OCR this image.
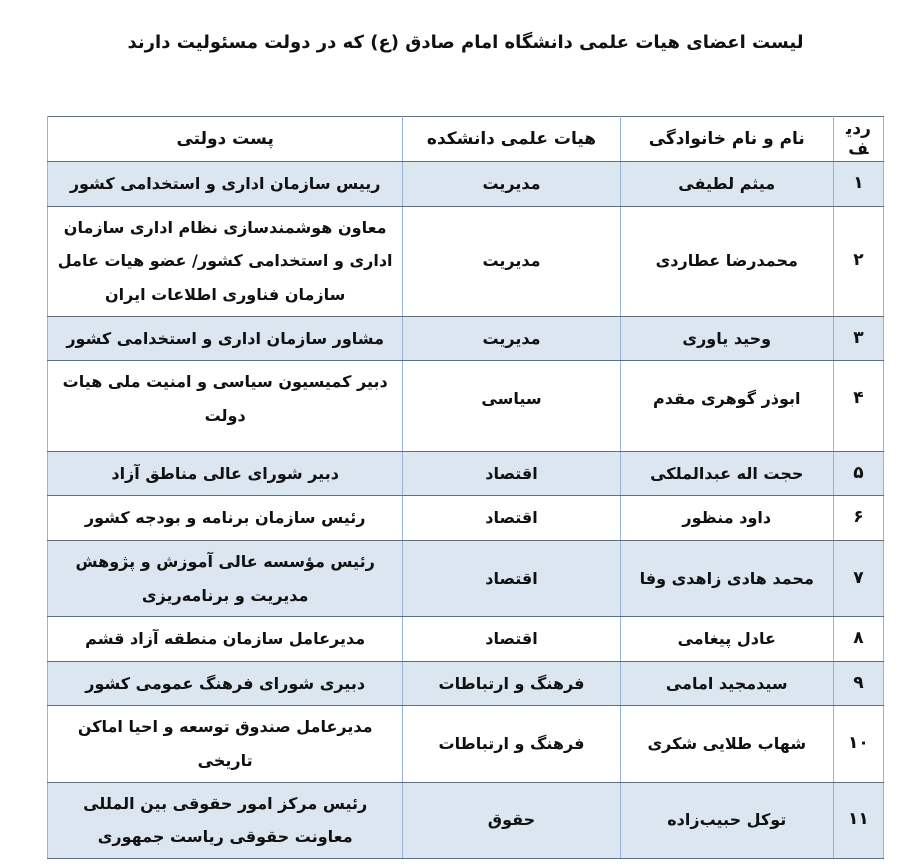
لیست اعضای هیات علمی دانشگاه امام صادق (ع) که در دولت مسئولیت دارند
ردیف	نام و نام خانوادگی	هیات علمی دانشکده	پست دولتی
۱	میثم لطیفی	مدیریت	رییس سازمان اداری و استخدامی کشور
۲	محمدرضا عطاردی	مدیریت	معاون هوشمندسازی نظام اداری سازمان اداری و استخدامی کشور/ عضو هیات عامل سازمان فناوری اطلاعات ایران
۳	وحید یاوری	مدیریت	مشاور سازمان اداری و استخدامی کشور
۴	ابوذر گوهری مقدم	سیاسی	دبیر کمیسیون سیاسی و امنیت ملی هیات دولت
۵	حجت اله عبدالملکی	اقتصاد	دبیر شورای عالی مناطق آزاد
۶	داود منظور	اقتصاد	رئیس سازمان برنامه و بودجه کشور
۷	محمد هادی زاهدی وفا	اقتصاد	رئیس مؤسسه عالی آموزش و پژوهش مدیریت و برنامه‌ریزی
۸	عادل پیغامی	اقتصاد	مدیرعامل سازمان منطقه آزاد قشم
۹	سیدمجید امامی	فرهنگ و ارتباطات	دبیری شورای فرهنگ عمومی کشور
۱۰	شهاب طلایی شکری	فرهنگ و ارتباطات	مدیرعامل صندوق توسعه و احیا اماکن تاریخی
۱۱	توکل حبیب‌زاده	حقوق	رئیس مرکز امور حقوقی بین المللی معاونت حقوقی ریاست جمهوری
